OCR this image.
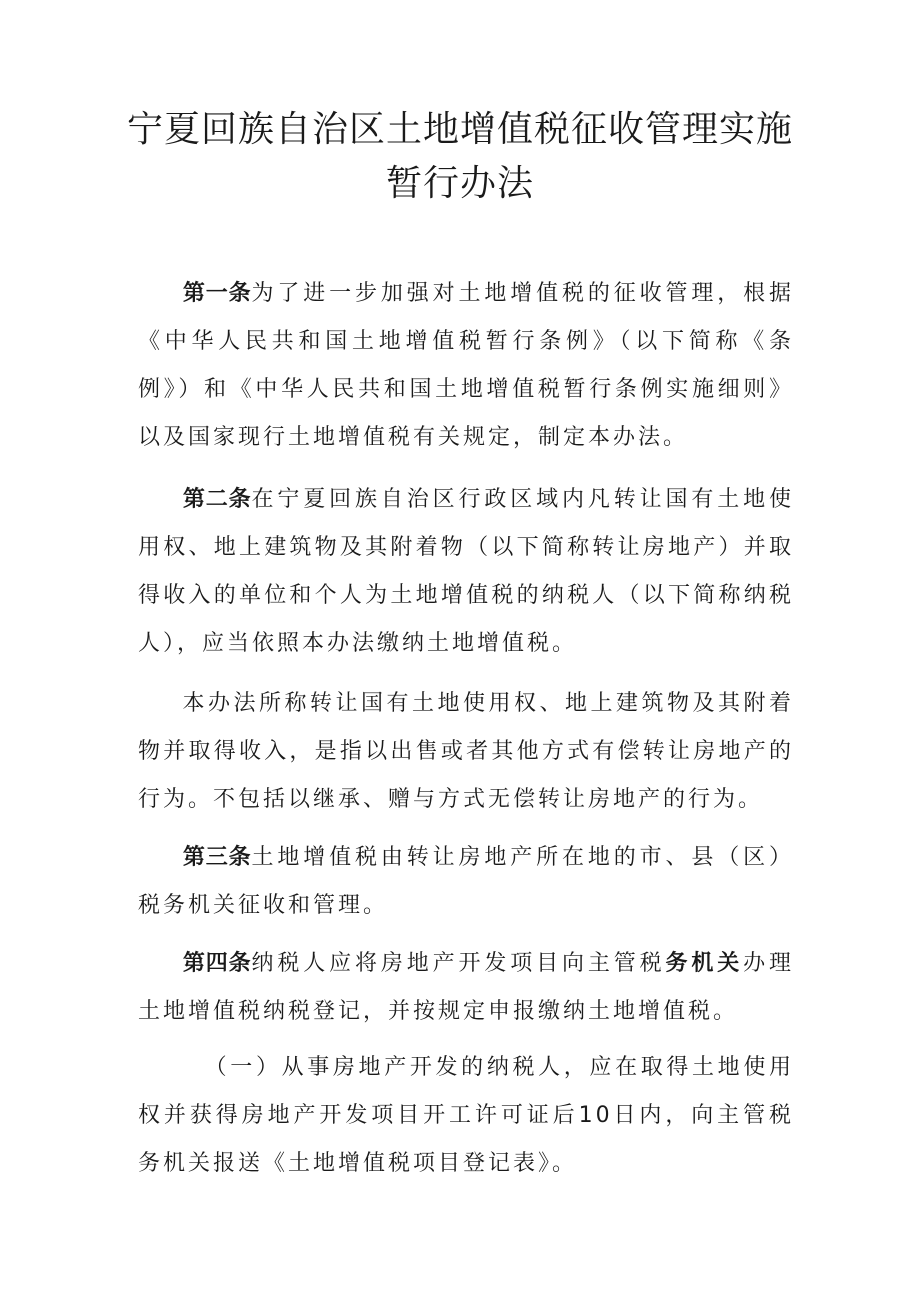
宁夏回族自治区土地增值税征收管理实施
暂行办法

第一条为了进一步加强对土地增值税的征收管理，根据《中华人民共和国土地增值税暂行条例》（以下简称《条例》）和《中华人民共和国土地增值税暂行条例实施细则》以及国家现行土地增值税有关规定，制定本办法。

第二条在宁夏回族自治区行政区域内凡转让国有土地使用权、地上建筑物及其附着物（以下简称转让房地产）并取得收入的单位和个人为土地增值税的纳税人（以下简称纳税人），应当依照本办法缴纳土地增值税。

本办法所称转让国有土地使用权、地上建筑物及其附着物并取得收入，是指以出售或者其他方式有偿转让房地产的行为。不包括以继承、赠与方式无偿转让房地产的行为。

第三条土地增值税由转让房地产所在地的市、县（区）税务机关征收和管理。

第四条纳税人应将房地产开发项目向主管税务机关办理土地增值税纳税登记，并按规定申报缴纳土地增值税。

（一）从事房地产开发的纳税人，应在取得土地使用权并获得房地产开发项目开工许可证后10日内，向主管税务机关报送《土地增值税项目登记表》。
